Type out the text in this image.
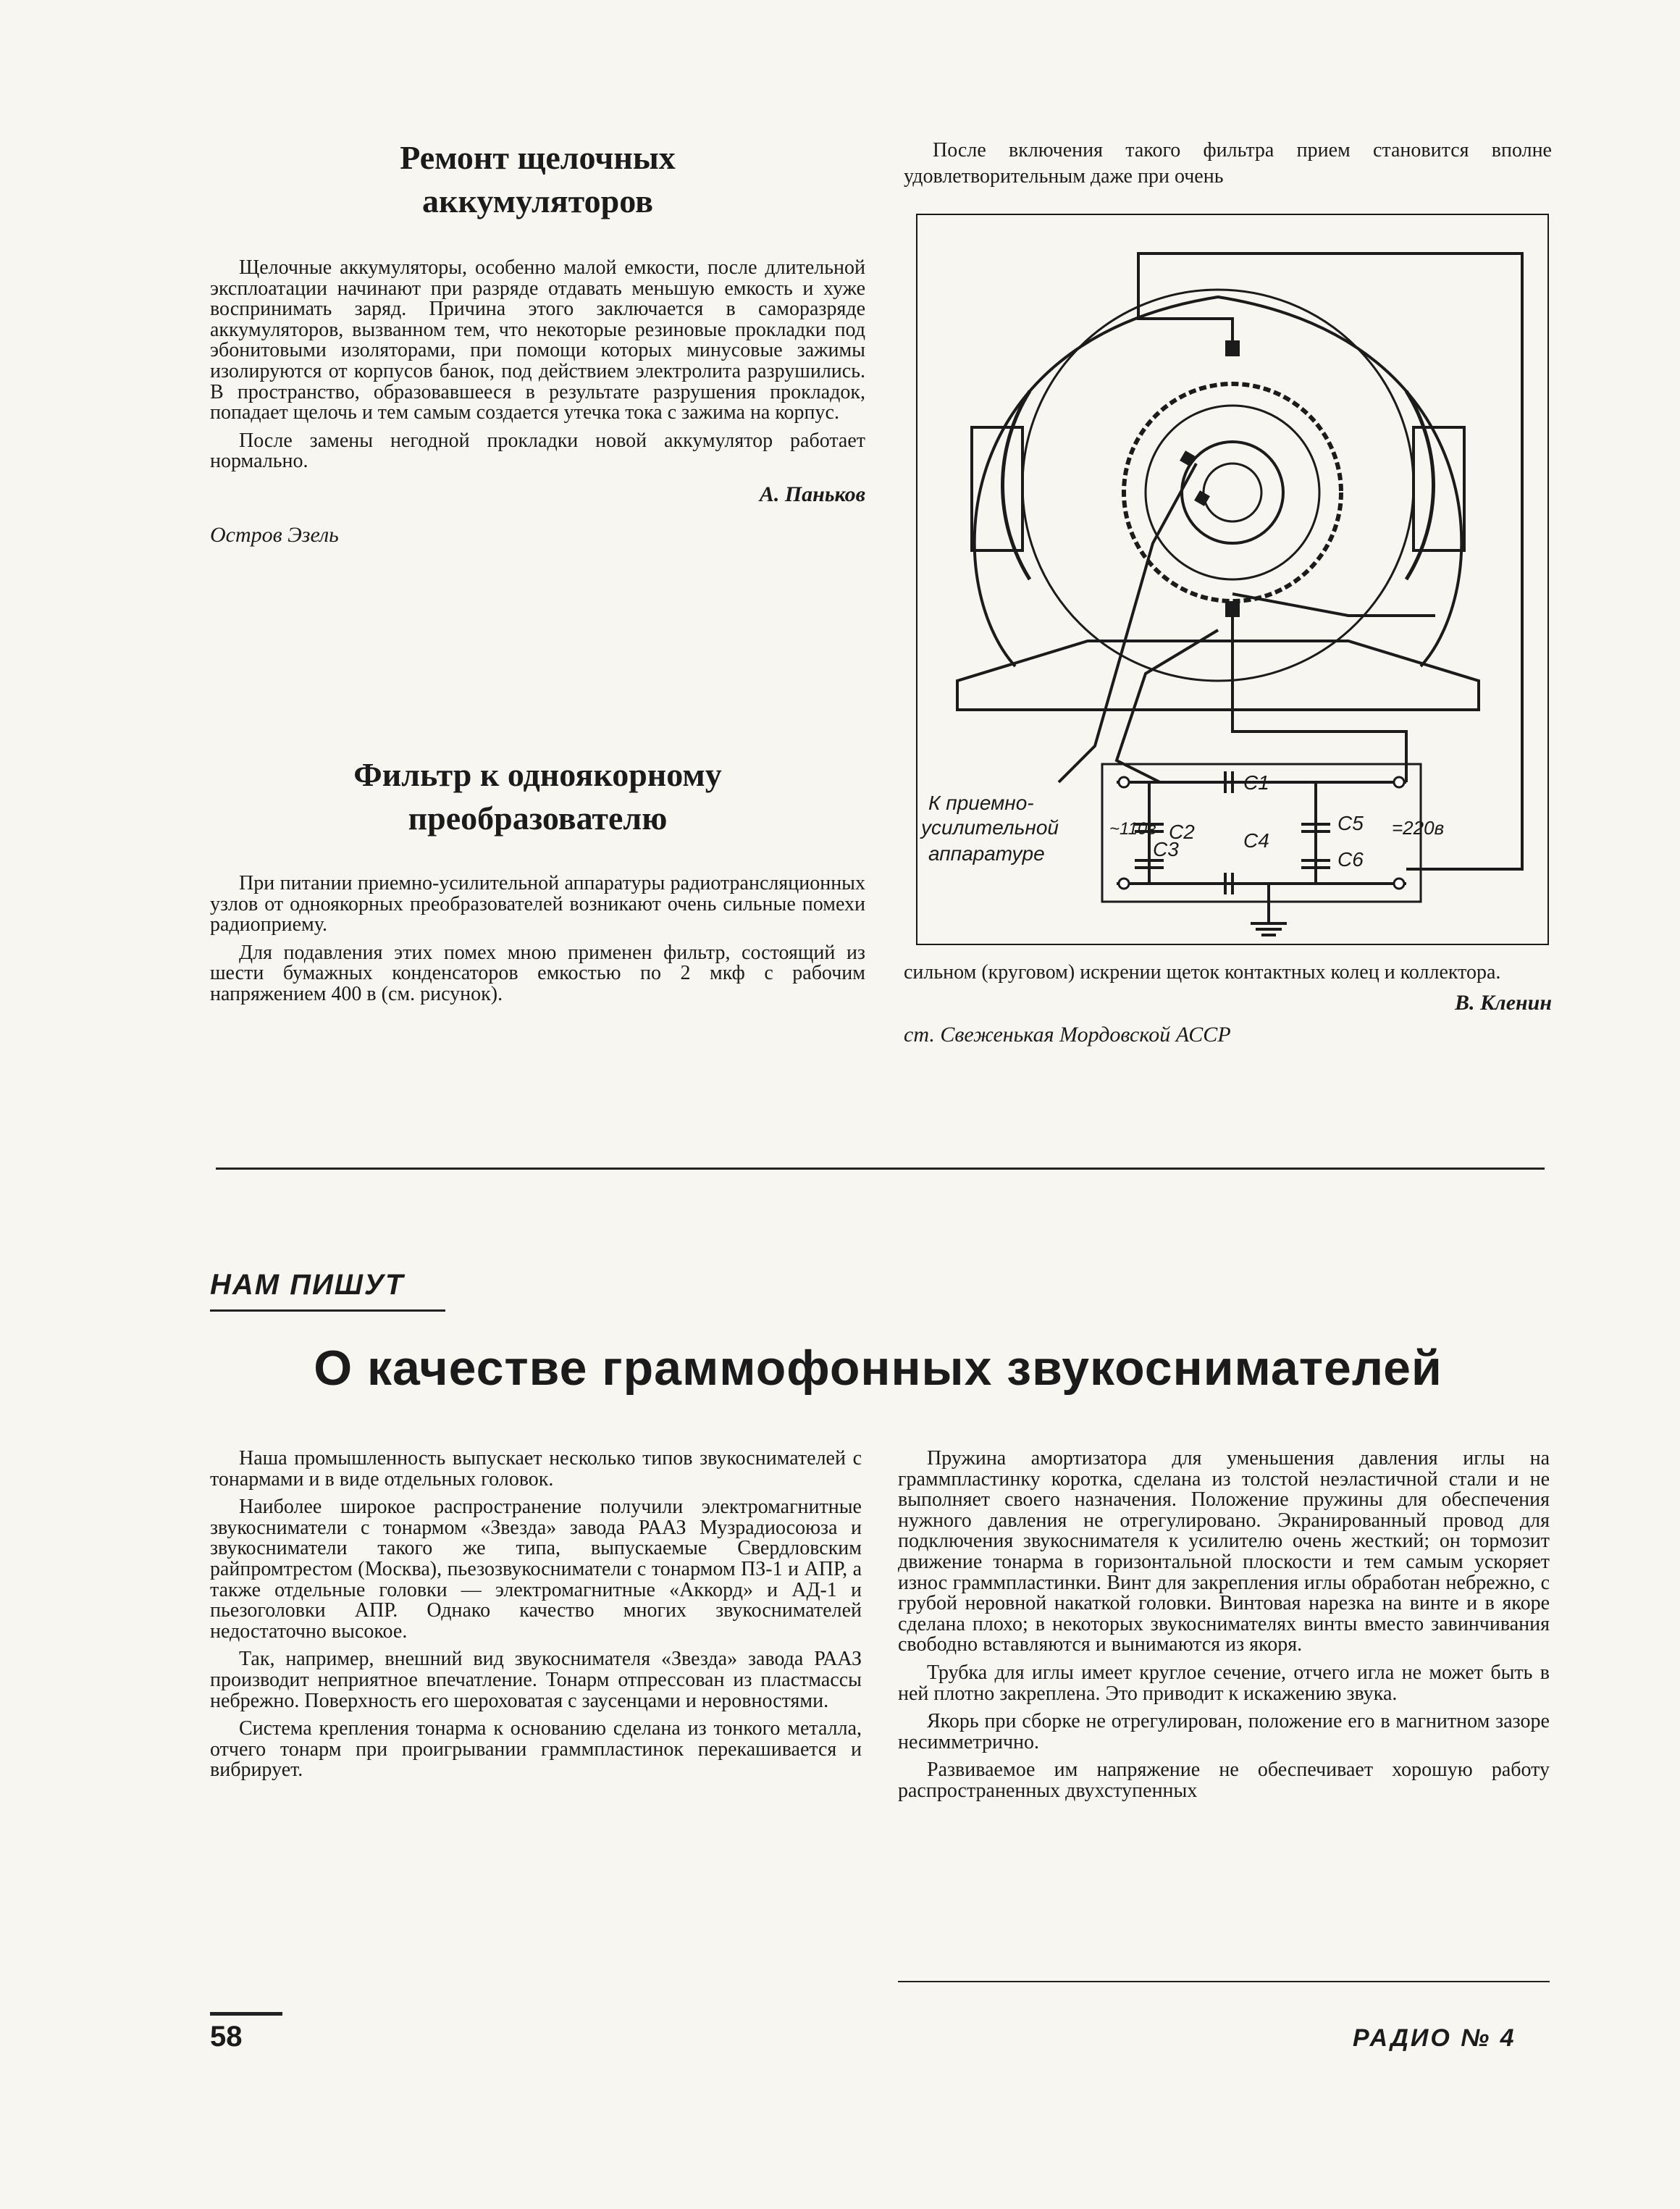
Ремонт щелочных
аккумуляторов

Щелочные аккумуляторы, особенно малой емкости, после длительной эксплоатации начинают при разряде отдавать меньшую емкость и хуже воспринимать заряд. Причина этого заключается в саморазряде аккумуляторов, вызванном тем, что некоторые резиновые прокладки под эбонитовыми изоляторами, при помощи которых минусовые зажимы изолируются от корпусов банок, под действием электролита разрушились. В пространство, образовавшееся в результате разрушения прокладок, попадает щелочь и тем самым создается утечка тока с зажима на корпус.

После замены негодной прокладки новой аккумулятор работает нормально.

А. Паньков
Остров Эзель
Фильтр к одноякорному
преобразователю

При питании приемно-усилительной аппаратуры радиотрансляционных узлов от одноякорных преобразователей возникают очень сильные помехи радиоприему.

Для подавления этих помех мною применен фильтр, состоящий из шести бумажных конденсаторов емкостью по 2 мкф с рабочим напряжением 400 в (см. рисунок).

После включения такого фильтра прием становится вполне удовлетворительным даже при очень

К приемно-
усилительной
аппаратуре
~110в	=220в
C1
C2
C3	C4
C5
C6

сильном (круговом) искрении щеток контактных колец и коллектора.

В. Кленин
ст. Свеженькая Мордовской АССР
НАМ ПИШУТ
О качестве граммофонных звукоснимателей

Наша промышленность выпускает несколько типов звукоснимателей с тонармами и в виде отдельных головок.

Наиболее широкое распространение получили электромагнитные звукосниматели с тонармом «Звезда» завода РААЗ Музрадиосоюза и звукосниматели такого же типа, выпускаемые Свердловским райпромтрестом (Москва), пьезозвукосниматели с тонармом ПЗ-1 и АПР, а также отдельные головки — электромагнитные «Аккорд» и АД-1 и пьезоголовки АПР. Однако качество многих звукоснимателей недостаточно высокое.

Так, например, внешний вид звукоснимателя «Звезда» завода РААЗ производит неприятное впечатление. Тонарм отпрессован из пластмассы небрежно. Поверхность его шероховатая с заусенцами и неровностями.

Система крепления тонарма к основанию сделана из тонкого металла, отчего тонарм при проигрывании граммпластинок перекашивается и вибрирует.

Пружина амортизатора для уменьшения давления иглы на граммпластинку коротка, сделана из толстой неэластичной стали и не выполняет своего назначения. Положение пружины для обеспечения нужного давления не отрегулировано. Экранированный провод для подключения звукоснимателя к усилителю очень жесткий; он тормозит движение тонарма в горизонтальной плоскости и тем самым ускоряет износ граммпластинки. Винт для закрепления иглы обработан небрежно, с грубой неровной накаткой головки. Винтовая нарезка на винте и в якоре сделана плохо; в некоторых звукоснимателях винты вместо завинчивания свободно вставляются и вынимаются из якоря.

Трубка для иглы имеет круглое сечение, отчего игла не может быть в ней плотно закреплена. Это приводит к искажению звука.

Якорь при сборке не отрегулирован, положение его в магнитном зазоре несимметрично.

Развиваемое им напряжение не обеспечивает хорошую работу распространенных двухступенных

58	РАДИО № 4
